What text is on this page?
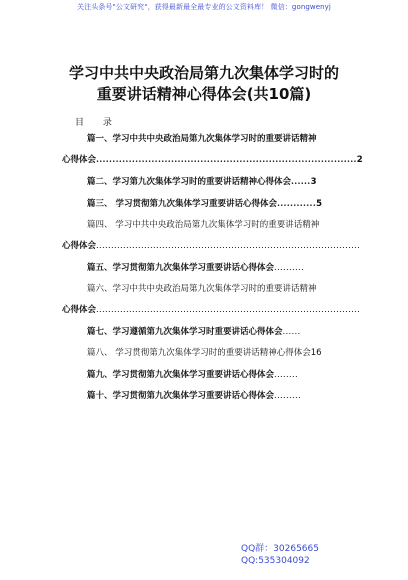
关注头条号"公文研究"，获得最新最全最专业的公文资料库！ 微信：gongwenyj
学习中共中央政治局第九次集体学习时的
重要讲话精神心得体会(共10篇)
目 录
篇一、学习中共中央政治局第九次集体学习时的重要讲话精神
心得体会................................................................................2
篇二、学习第九次集体学习时的重要讲话精神心得体会......3
篇三、 学习贯彻第九次集体学习重要讲话心得体会............5
篇四、 学习中共中央政治局第九次集体学习时的重要讲话精神
心得体会........................................................................................
篇五、学习贯彻第九次集体学习重要讲话心得体会..........
篇六、学习中共中央政治局第九次集体学习时的重要讲话精神
心得体会........................................................................................
篇七、学习遵循第九次集体学习时重要讲话心得体会......
篇八、 学习贯彻第九次集体学习时的重要讲话精神心得体会16
篇九、学习贯彻第九次集体学习重要讲话心得体会........
篇十、学习贯彻第九次集体学习重要讲话心得体会.........
QQ群：30265665
QQ:535304092
